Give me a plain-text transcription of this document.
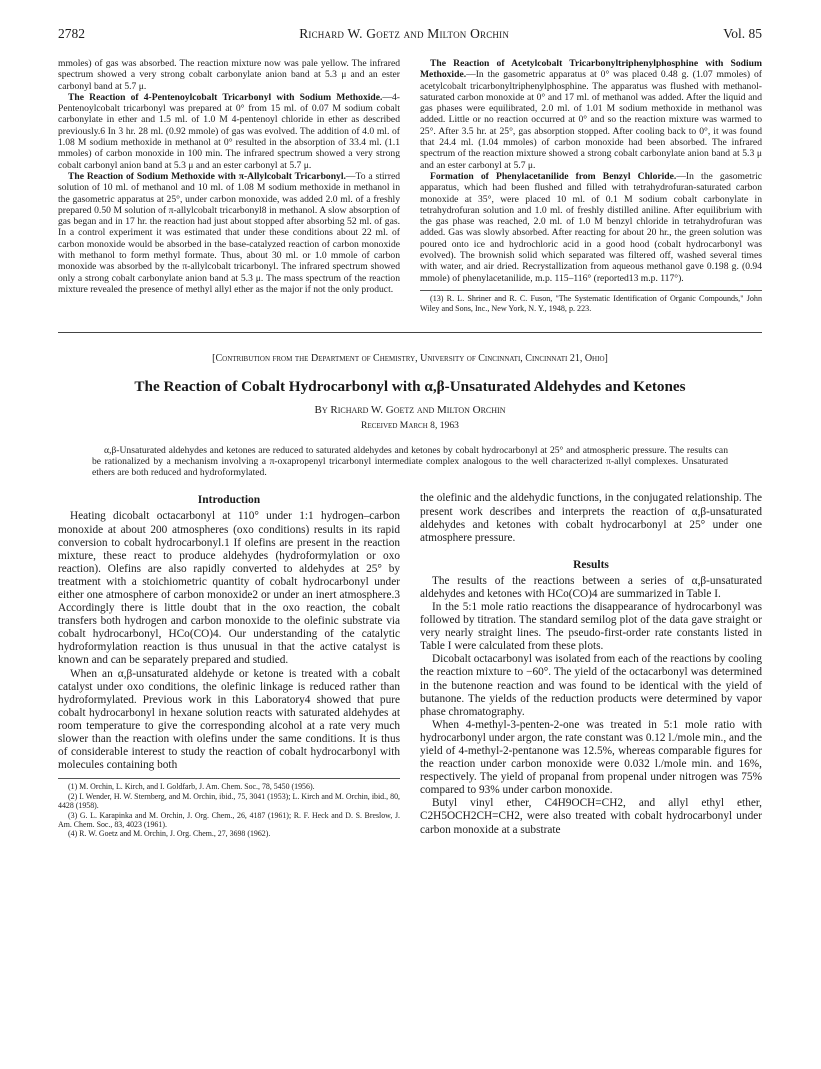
2782	Richard W. Goetz and Milton Orchin	Vol. 85

mmoles) of gas was absorbed. The reaction mixture now was pale yellow. The infrared spectrum showed a very strong cobalt carbonylate anion band at 5.3 μ and an ester carbonyl band at 5.7 μ.

The Reaction of 4-Pentenoylcobalt Tricarbonyl with Sodium Methoxide.—4-Pentenoylcobalt tricarbonyl was prepared at 0° from 15 ml. of 0.07 M sodium cobalt carbonylate in ether and 1.5 ml. of 1.0 M 4-pentenoyl chloride in ether as described previously.6 In 3 hr. 28 ml. (0.92 mmole) of gas was evolved. The addition of 4.0 ml. of 1.08 M sodium methoxide in methanol at 0° resulted in the absorption of 33.4 ml. (1.1 mmoles) of carbon monoxide in 100 min. The infrared spectrum showed a very strong cobalt carbonyl anion band at 5.3 μ and an ester carbonyl at 5.7 μ.

The Reaction of Sodium Methoxide with π-Allylcobalt Tricarbonyl.—To a stirred solution of 10 ml. of methanol and 10 ml. of 1.08 M sodium methoxide in methanol in the gasometric apparatus at 25°, under carbon monoxide, was added 2.0 ml. of a freshly prepared 0.50 M solution of π-allylcobalt tricarbonyl8 in methanol. A slow absorption of gas began and in 17 hr. the reaction had just about stopped after absorbing 52 ml. of gas. In a control experiment it was estimated that under these conditions about 22 ml. of carbon monoxide would be absorbed in the base-catalyzed reaction of carbon monoxide with methanol to form methyl formate. Thus, about 30 ml. or 1.0 mmole of carbon monoxide was absorbed by the π-allylcobalt tricarbonyl. The infrared spectrum showed only a strong cobalt carbonylate anion band at 5.3 μ. The mass spectrum of the reaction mixture revealed the presence of methyl allyl ether as the major if not the only product.

The Reaction of Acetylcobalt Tricarbonyltriphenylphosphine with Sodium Methoxide.—In the gasometric apparatus at 0° was placed 0.48 g. (1.07 mmoles) of acetylcobalt tricarbonyltriphenylphosphine. The apparatus was flushed with methanol-saturated carbon monoxide at 0° and 17 ml. of methanol was added. After the liquid and gas phases were equilibrated, 2.0 ml. of 1.01 M sodium methoxide in methanol was added. Little or no reaction occurred at 0° and so the reaction mixture was warmed to 25°. After 3.5 hr. at 25°, gas absorption stopped. After cooling back to 0°, it was found that 24.4 ml. (1.04 mmoles) of carbon monoxide had been absorbed. The infrared spectrum of the reaction mixture showed a strong cobalt carbonylate anion band at 5.3 μ and an ester carbonyl at 5.7 μ.

Formation of Phenylacetanilide from Benzyl Chloride.—In the gasometric apparatus, which had been flushed and filled with tetrahydrofuran-saturated carbon monoxide at 35°, were placed 10 ml. of 0.1 M sodium cobalt carbonylate in tetrahydrofuran solution and 1.0 ml. of freshly distilled aniline. After equilibrium with the gas phase was reached, 2.0 ml. of 1.0 M benzyl chloride in tetrahydrofuran was added. Gas was slowly absorbed. After reacting for about 20 hr., the green solution was poured onto ice and hydrochloric acid in a good hood (cobalt hydrocarbonyl was evolved). The brownish solid which separated was filtered off, washed several times with water, and air dried. Recrystallization from aqueous methanol gave 0.198 g. (0.94 mmole) of phenylacetanilide, m.p. 115–116° (reported13 m.p. 117°).

(13) R. L. Shriner and R. C. Fuson, "The Systematic Identification of Organic Compounds," John Wiley and Sons, Inc., New York, N. Y., 1948, p. 223.

[Contribution from the Department of Chemistry, University of Cincinnati, Cincinnati 21, Ohio]
The Reaction of Cobalt Hydrocarbonyl with α,β-Unsaturated Aldehydes and Ketones
By Richard W. Goetz and Milton Orchin
Received March 8, 1963
α,β-Unsaturated aldehydes and ketones are reduced to saturated aldehydes and ketones by cobalt hydrocarbonyl at 25° and atmospheric pressure. The results can be rationalized by a mechanism involving a π-oxapropenyl tricarbonyl intermediate complex analogous to the well characterized π-allyl complexes. Unsaturated ethers are both reduced and hydroformylated.
Introduction

Heating dicobalt octacarbonyl at 110° under 1:1 hydrogen–carbon monoxide at about 200 atmospheres (oxo conditions) results in its rapid conversion to cobalt hydrocarbonyl.1 If olefins are present in the reaction mixture, these react to produce aldehydes (hydroformylation or oxo reaction). Olefins are also rapidly converted to aldehydes at 25° by treatment with a stoichiometric quantity of cobalt hydrocarbonyl under either one atmosphere of carbon monoxide2 or under an inert atmosphere.3 Accordingly there is little doubt that in the oxo reaction, the cobalt transfers both hydrogen and carbon monoxide to the olefinic substrate via cobalt hydrocarbonyl, HCo(CO)4. Our understanding of the catalytic hydroformylation reaction is thus unusual in that the active catalyst is known and can be separately prepared and studied.

When an α,β-unsaturated aldehyde or ketone is treated with a cobalt catalyst under oxo conditions, the olefinic linkage is reduced rather than hydroformylated. Previous work in this Laboratory4 showed that pure cobalt hydrocarbonyl in hexane solution reacts with saturated aldehydes at room temperature to give the corresponding alcohol at a rate very much slower than the reaction with olefins under the same conditions. It is thus of considerable interest to study the reaction of cobalt hydrocarbonyl with molecules containing both

(1) M. Orchin, L. Kirch, and I. Goldfarb, J. Am. Chem. Soc., 78, 5450 (1956).

(2) I. Wender, H. W. Sternberg, and M. Orchin, ibid., 75, 3041 (1953); L. Kirch and M. Orchin, ibid., 80, 4428 (1958).

(3) G. L. Karapinka and M. Orchin, J. Org. Chem., 26, 4187 (1961); R. F. Heck and D. S. Breslow, J. Am. Chem. Soc., 83, 4023 (1961).

(4) R. W. Goetz and M. Orchin, J. Org. Chem., 27, 3698 (1962).

the olefinic and the aldehydic functions, in the conjugated relationship. The present work describes and interprets the reaction of α,β-unsaturated aldehydes and ketones with cobalt hydrocarbonyl at 25° under one atmosphere pressure.

Results

The results of the reactions between a series of α,β-unsaturated aldehydes and ketones with HCo(CO)4 are summarized in Table I.

In the 5:1 mole ratio reactions the disappearance of hydrocarbonyl was followed by titration. The standard semilog plot of the data gave straight or very nearly straight lines. The pseudo-first-order rate constants listed in Table I were calculated from these plots.

Dicobalt octacarbonyl was isolated from each of the reactions by cooling the reaction mixture to −60°. The yield of the octacarbonyl was determined in the butenone reaction and was found to be identical with the yield of butanone. The yields of the reduction products were determined by vapor phase chromatography.

When 4-methyl-3-penten-2-one was treated in 5:1 mole ratio with hydrocarbonyl under argon, the rate constant was 0.12 l./mole min., and the yield of 4-methyl-2-pentanone was 12.5%, whereas comparable figures for the reaction under carbon monoxide were 0.032 l./mole min. and 16%, respectively. The yield of propanal from propenal under nitrogen was 75% compared to 93% under carbon monoxide.

Butyl vinyl ether, C4H9OCH=CH2, and allyl ethyl ether, C2H5OCH2CH=CH2, were also treated with cobalt hydrocarbonyl under carbon monoxide at a substrate
